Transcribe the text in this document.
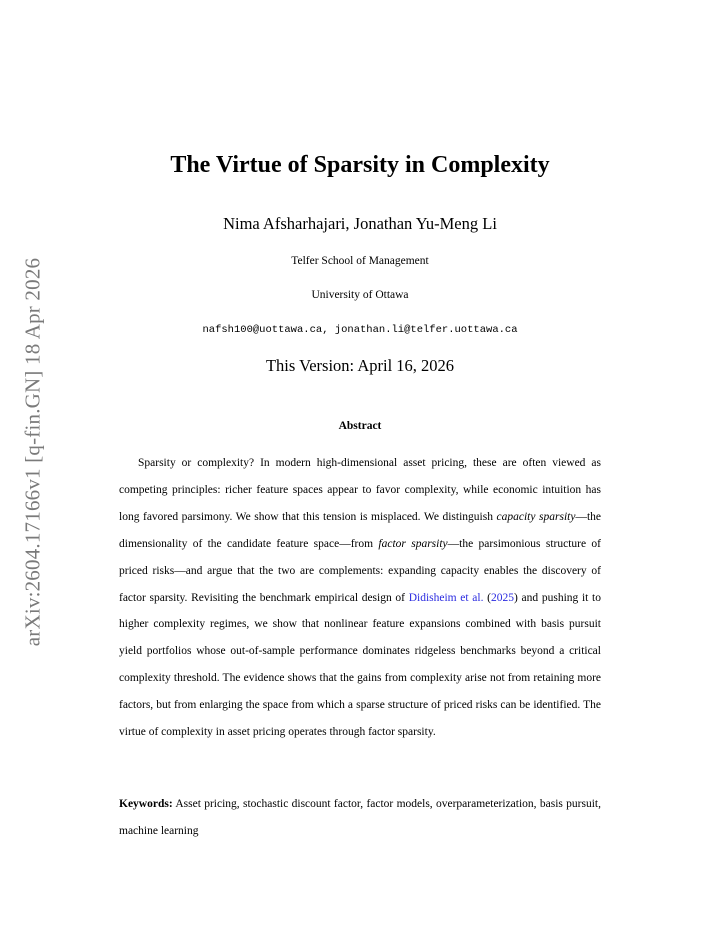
arXiv:2604.17166v1 [q-fin.GN] 18 Apr 2026
The Virtue of Sparsity in Complexity
Nima Afsharhajari, Jonathan Yu-Meng Li
Telfer School of Management
University of Ottawa
nafsh100@uottawa.ca, jonathan.li@telfer.uottawa.ca
This Version: April 16, 2026
Abstract

Sparsity or complexity? In modern high-dimensional asset pricing, these are often viewed as competing principles: richer feature spaces appear to favor complexity, while economic intuition has long favored parsimony. We show that this tension is misplaced. We distinguish capacity sparsity—the dimensionality of the candidate feature space—from factor sparsity—the parsimonious structure of priced risks—and argue that the two are complements: expanding capacity enables the discovery of factor sparsity. Revisiting the benchmark empirical design of Didisheim et al. (2025) and pushing it to higher complexity regimes, we show that nonlinear feature expansions combined with basis pursuit yield portfolios whose out-of-sample performance dominates ridgeless benchmarks beyond a critical complexity threshold. The evidence shows that the gains from complexity arise not from retaining more factors, but from enlarging the space from which a sparse structure of priced risks can be identified. The virtue of complexity in asset pricing operates through factor sparsity.

Keywords: Asset pricing, stochastic discount factor, factor models, overparameterization, basis pursuit, machine learning
